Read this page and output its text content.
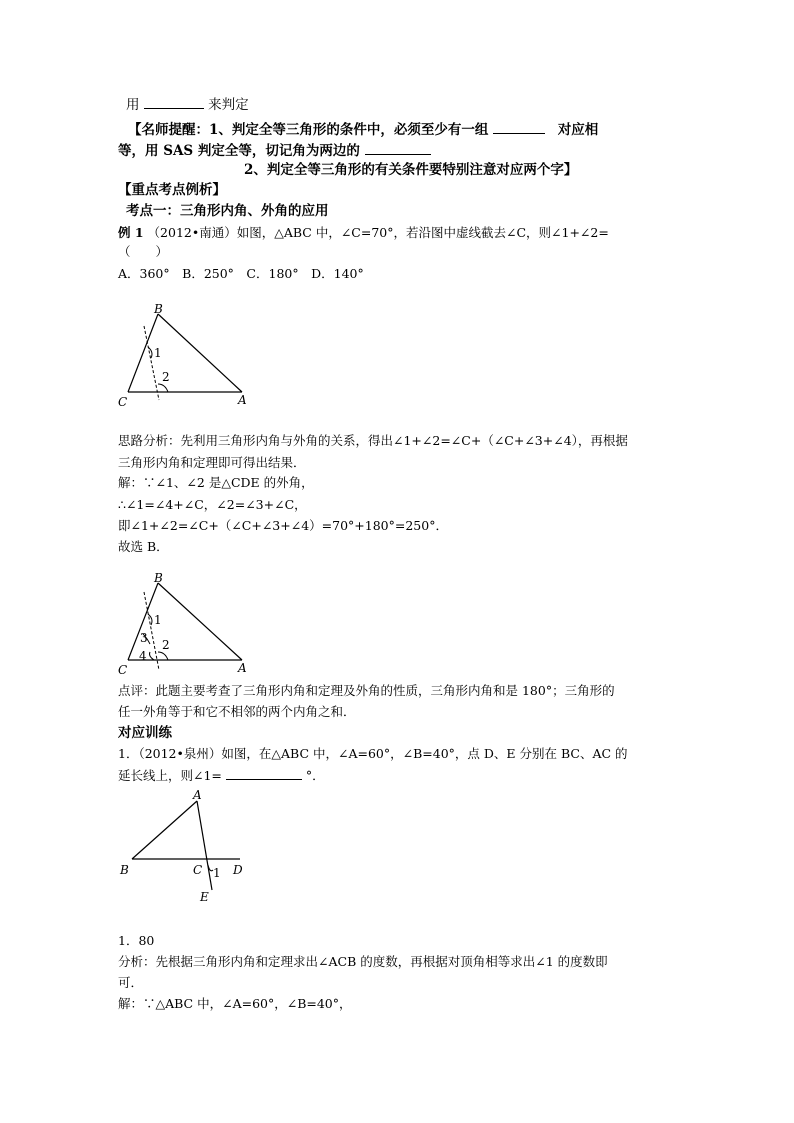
用	来判定
【名师提醒：1、判定全等三角形的条件中，必须至少有一组	对应相
等，用 SAS 判定全等，切记角为两边的
2、判定全等三角形的有关条件要特别注意对应两个字】
【重点考点例析】
考点一：三角形内角、外角的应用
例 1 （2012•南通）如图，△ABC 中，∠C=70°，若沿图中虚线截去∠C，则∠1+∠2=
（　　）
A．360°　B．250°　C．180°　D．140°
B
C	A
1
2
思路分析：先利用三角形内角与外角的关系，得出∠1+∠2=∠C+（∠C+∠3+∠4），再根据
三角形内角和定理即可得出结果．
解：∵∠1、∠2 是△CDE 的外角，
∴∠1=∠4+∠C，∠2=∠3+∠C，
即∠1+∠2=∠C+（∠C+∠3+∠4）=70°+180°=250°．
故选 B．
B
C	A
1
2
3
4
点评：此题主要考查了三角形内角和定理及外角的性质，三角形内角和是 180°；三角形的
任一外角等于和它不相邻的两个内角之和．
对应训练
1．（2012•泉州）如图，在△ABC 中，∠A=60°，∠B=40°，点 D、E 分别在 BC、AC 的
延长线上，则∠1=	°．
A
B	C	D
E
1
1．80
分析：先根据三角形内角和定理求出∠ACB 的度数，再根据对顶角相等求出∠1 的度数即
可．
解：∵△ABC 中，∠A=60°，∠B=40°，
